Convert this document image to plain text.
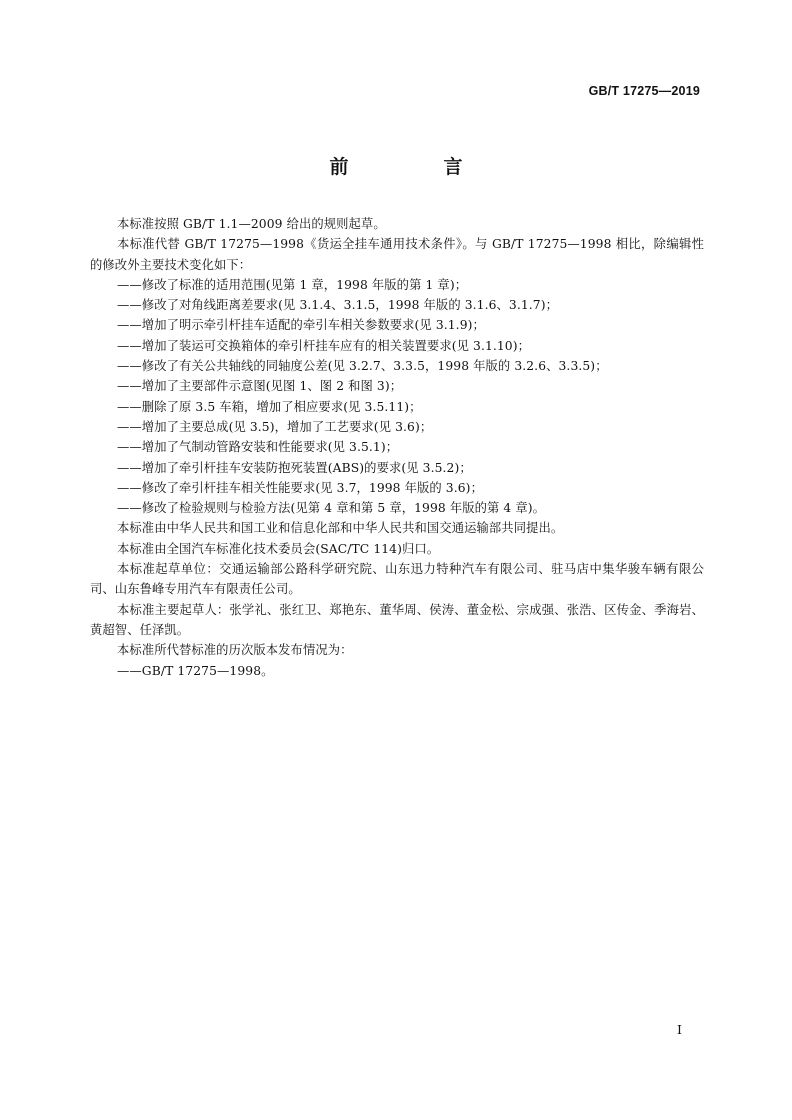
GB/T 17275—2019
前　言

本标准按照 GB/T 1.1—2009 给出的规则起草。

本标准代替 GB/T 17275—1998《货运全挂车通用技术条件》。与 GB/T 17275—1998 相比，除编辑性的修改外主要技术变化如下：

——修改了标准的适用范围(见第 1 章，1998 年版的第 1 章)；

——修改了对角线距离差要求(见 3.1.4、3.1.5，1998 年版的 3.1.6、3.1.7)；

——增加了明示牵引杆挂车适配的牵引车相关参数要求(见 3.1.9)；

——增加了装运可交换箱体的牵引杆挂车应有的相关装置要求(见 3.1.10)；

——修改了有关公共轴线的同轴度公差(见 3.2.7、3.3.5，1998 年版的 3.2.6、3.3.5)；

——增加了主要部件示意图(见图 1、图 2 和图 3)；

——删除了原 3.5 车箱，增加了相应要求(见 3.5.11)；

——增加了主要总成(见 3.5)，增加了工艺要求(见 3.6)；

——增加了气制动管路安装和性能要求(见 3.5.1)；

——增加了牵引杆挂车安装防抱死装置(ABS)的要求(见 3.5.2)；

——修改了牵引杆挂车相关性能要求(见 3.7，1998 年版的 3.6)；

——修改了检验规则与检验方法(见第 4 章和第 5 章，1998 年版的第 4 章)。

本标准由中华人民共和国工业和信息化部和中华人民共和国交通运输部共同提出。

本标准由全国汽车标准化技术委员会(SAC/TC 114)归口。

本标准起草单位：交通运输部公路科学研究院、山东迅力特种汽车有限公司、驻马店中集华骏车辆有限公司、山东鲁峰专用汽车有限责任公司。

本标准主要起草人：张学礼、张红卫、郑艳东、董华周、侯涛、董金松、宗成强、张浩、区传金、季海岩、黄超智、任泽凯。

本标准所代替标准的历次版本发布情况为：

——GB/T 17275—1998。

I
